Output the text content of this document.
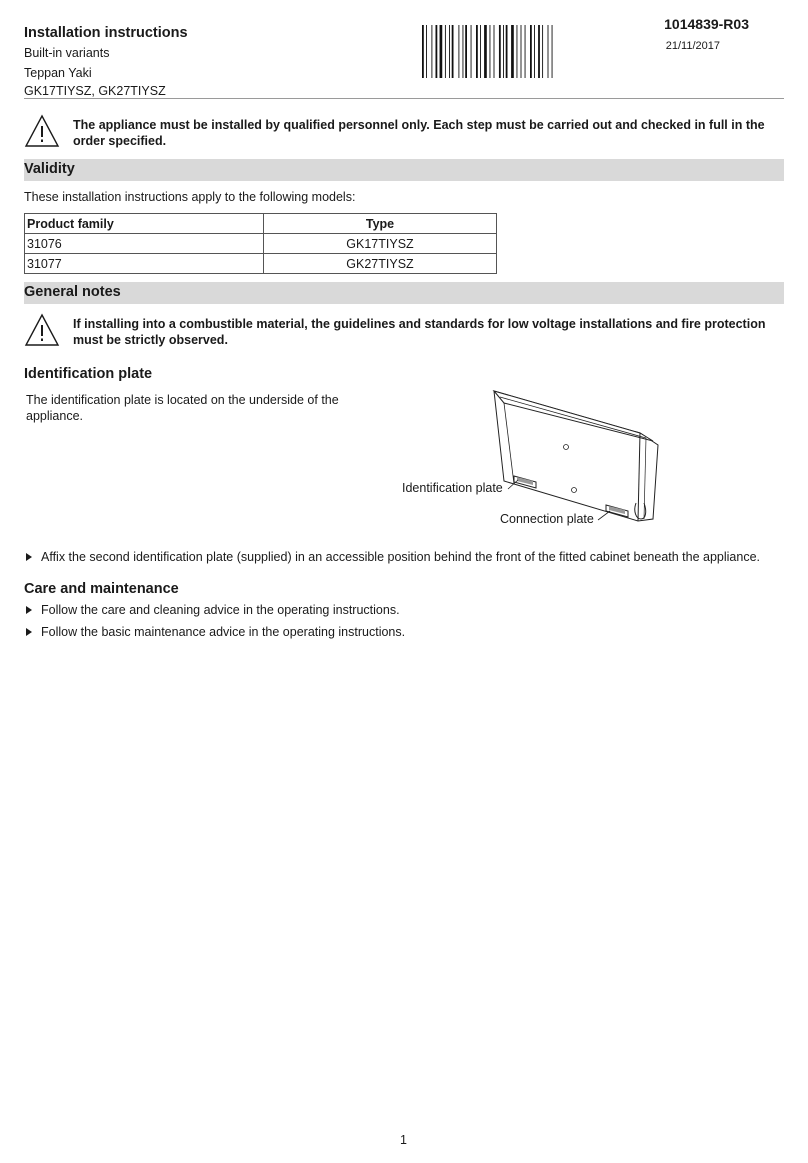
Installation instructions
Built-in variants
Teppan Yaki
GK17TIYSZ, GK27TIYSZ
1014839-R03
21/11/2017
The appliance must be installed by qualified personnel only. Each step must be carried out and checked in full in the order specified.
Validity
These installation instructions apply to the following models:
Product family	Type
31076	GK17TIYSZ
31077	GK27TIYSZ
General notes
If installing into a combustible material, the guidelines and standards for low voltage installations and fire protection must be strictly observed.
Identification plate
The identification plate is located on the underside of the appliance.
Identification plate
Connection plate
Affix the second identification plate (supplied) in an accessible position behind the front of the fitted cabinet beneath the appliance.
Care and maintenance
Follow the care and cleaning advice in the operating instructions.
Follow the basic maintenance advice in the operating instructions.
1
